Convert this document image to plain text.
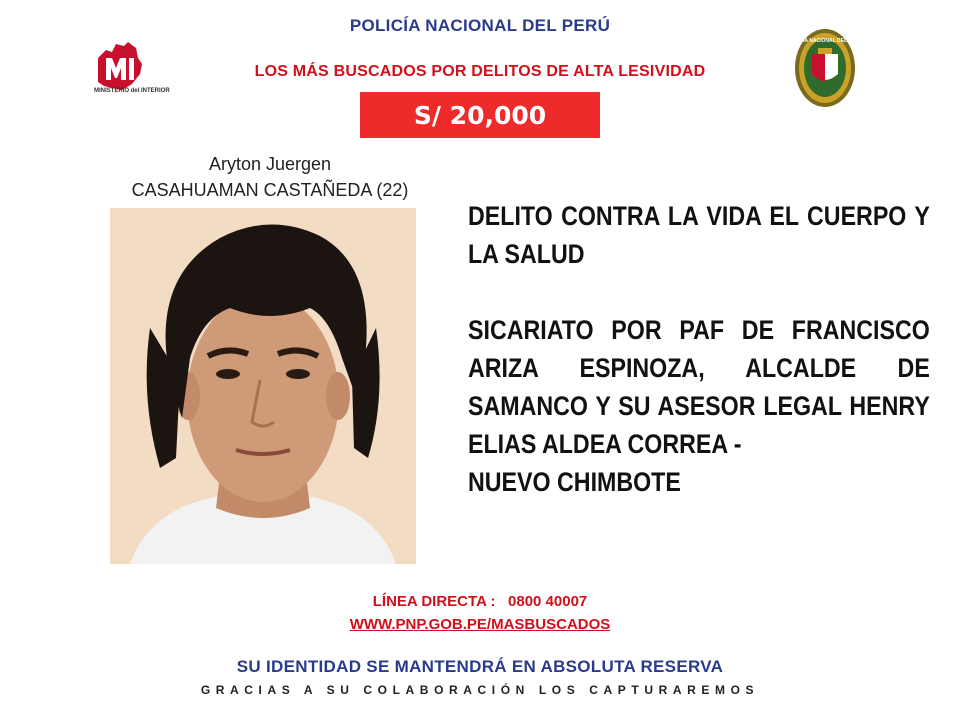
POLICÍA NACIONAL DEL PERÚ
MINISTERIO del INTERIOR
LOS MÁS BUSCADOS POR DELITOS DE ALTA LESIVIDAD
POLICÍA NACIONAL DEL PERÚ
S/ 20,000
Aryton Juergen
CASAHUAMAN CASTAÑEDA (22)

DELITO CONTRA LA VIDA EL CUERPO Y LA SALUD

SICARIATO POR PAF DE FRANCISCO ARIZA ESPINOZA, ALCALDE DE SAMANCO Y SU ASESOR LEGAL HENRY ELIAS ALDEA CORREA -

NUEVO CHIMBOTE

LÍNEA DIRECTA :   0800 40007
WWW.PNP.GOB.PE/MASBUSCADOS
SU IDENTIDAD SE MANTENDRÁ EN ABSOLUTA RESERVA
GRACIAS A SU COLABORACIÓN LOS CAPTURAREMOS
